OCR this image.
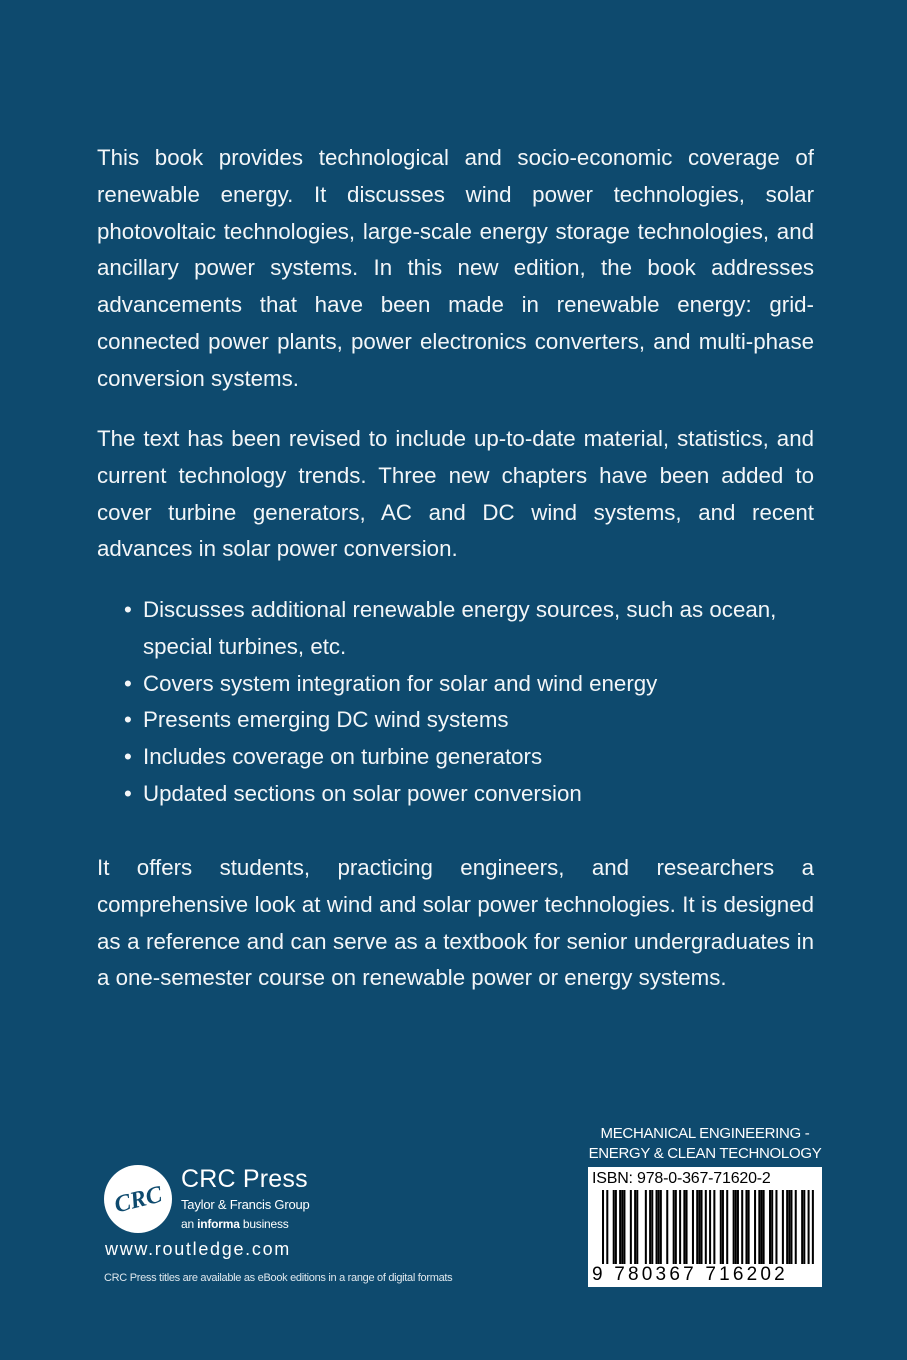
This book provides technological and socio-economic coverage of renewable energy. It discusses wind power technologies, solar photovoltaic technologies, large-scale energy storage technologies, and ancillary power systems. In this new edition, the book addresses advancements that have been made in renewable energy: grid-connected power plants, power electronics converters, and multi-phase conversion systems.
The text has been revised to include up-to-date material, statistics, and current technology trends. Three new chapters have been added to cover turbine generators, AC and DC wind systems, and recent advances in solar power conversion.
• Discusses additional renewable energy sources, such as ocean, special turbines, etc.
• Covers system integration for solar and wind energy
• Presents emerging DC wind systems
• Includes coverage on turbine generators
• Updated sections on solar power conversion
It offers students, practicing engineers, and researchers a comprehensive look at wind and solar power technologies. It is designed as a reference and can serve as a textbook for senior undergraduates in a one-semester course on renewable power or energy systems.
CRC
CRC Press
Taylor & Francis Group
an informa business
www.routledge.com
CRC Press titles are available as eBook editions in a range of digital formats
MECHANICAL ENGINEERING -
ENERGY & CLEAN TECHNOLOGY
ISBN: 978-0-367-71620-2
9 780367 716202
